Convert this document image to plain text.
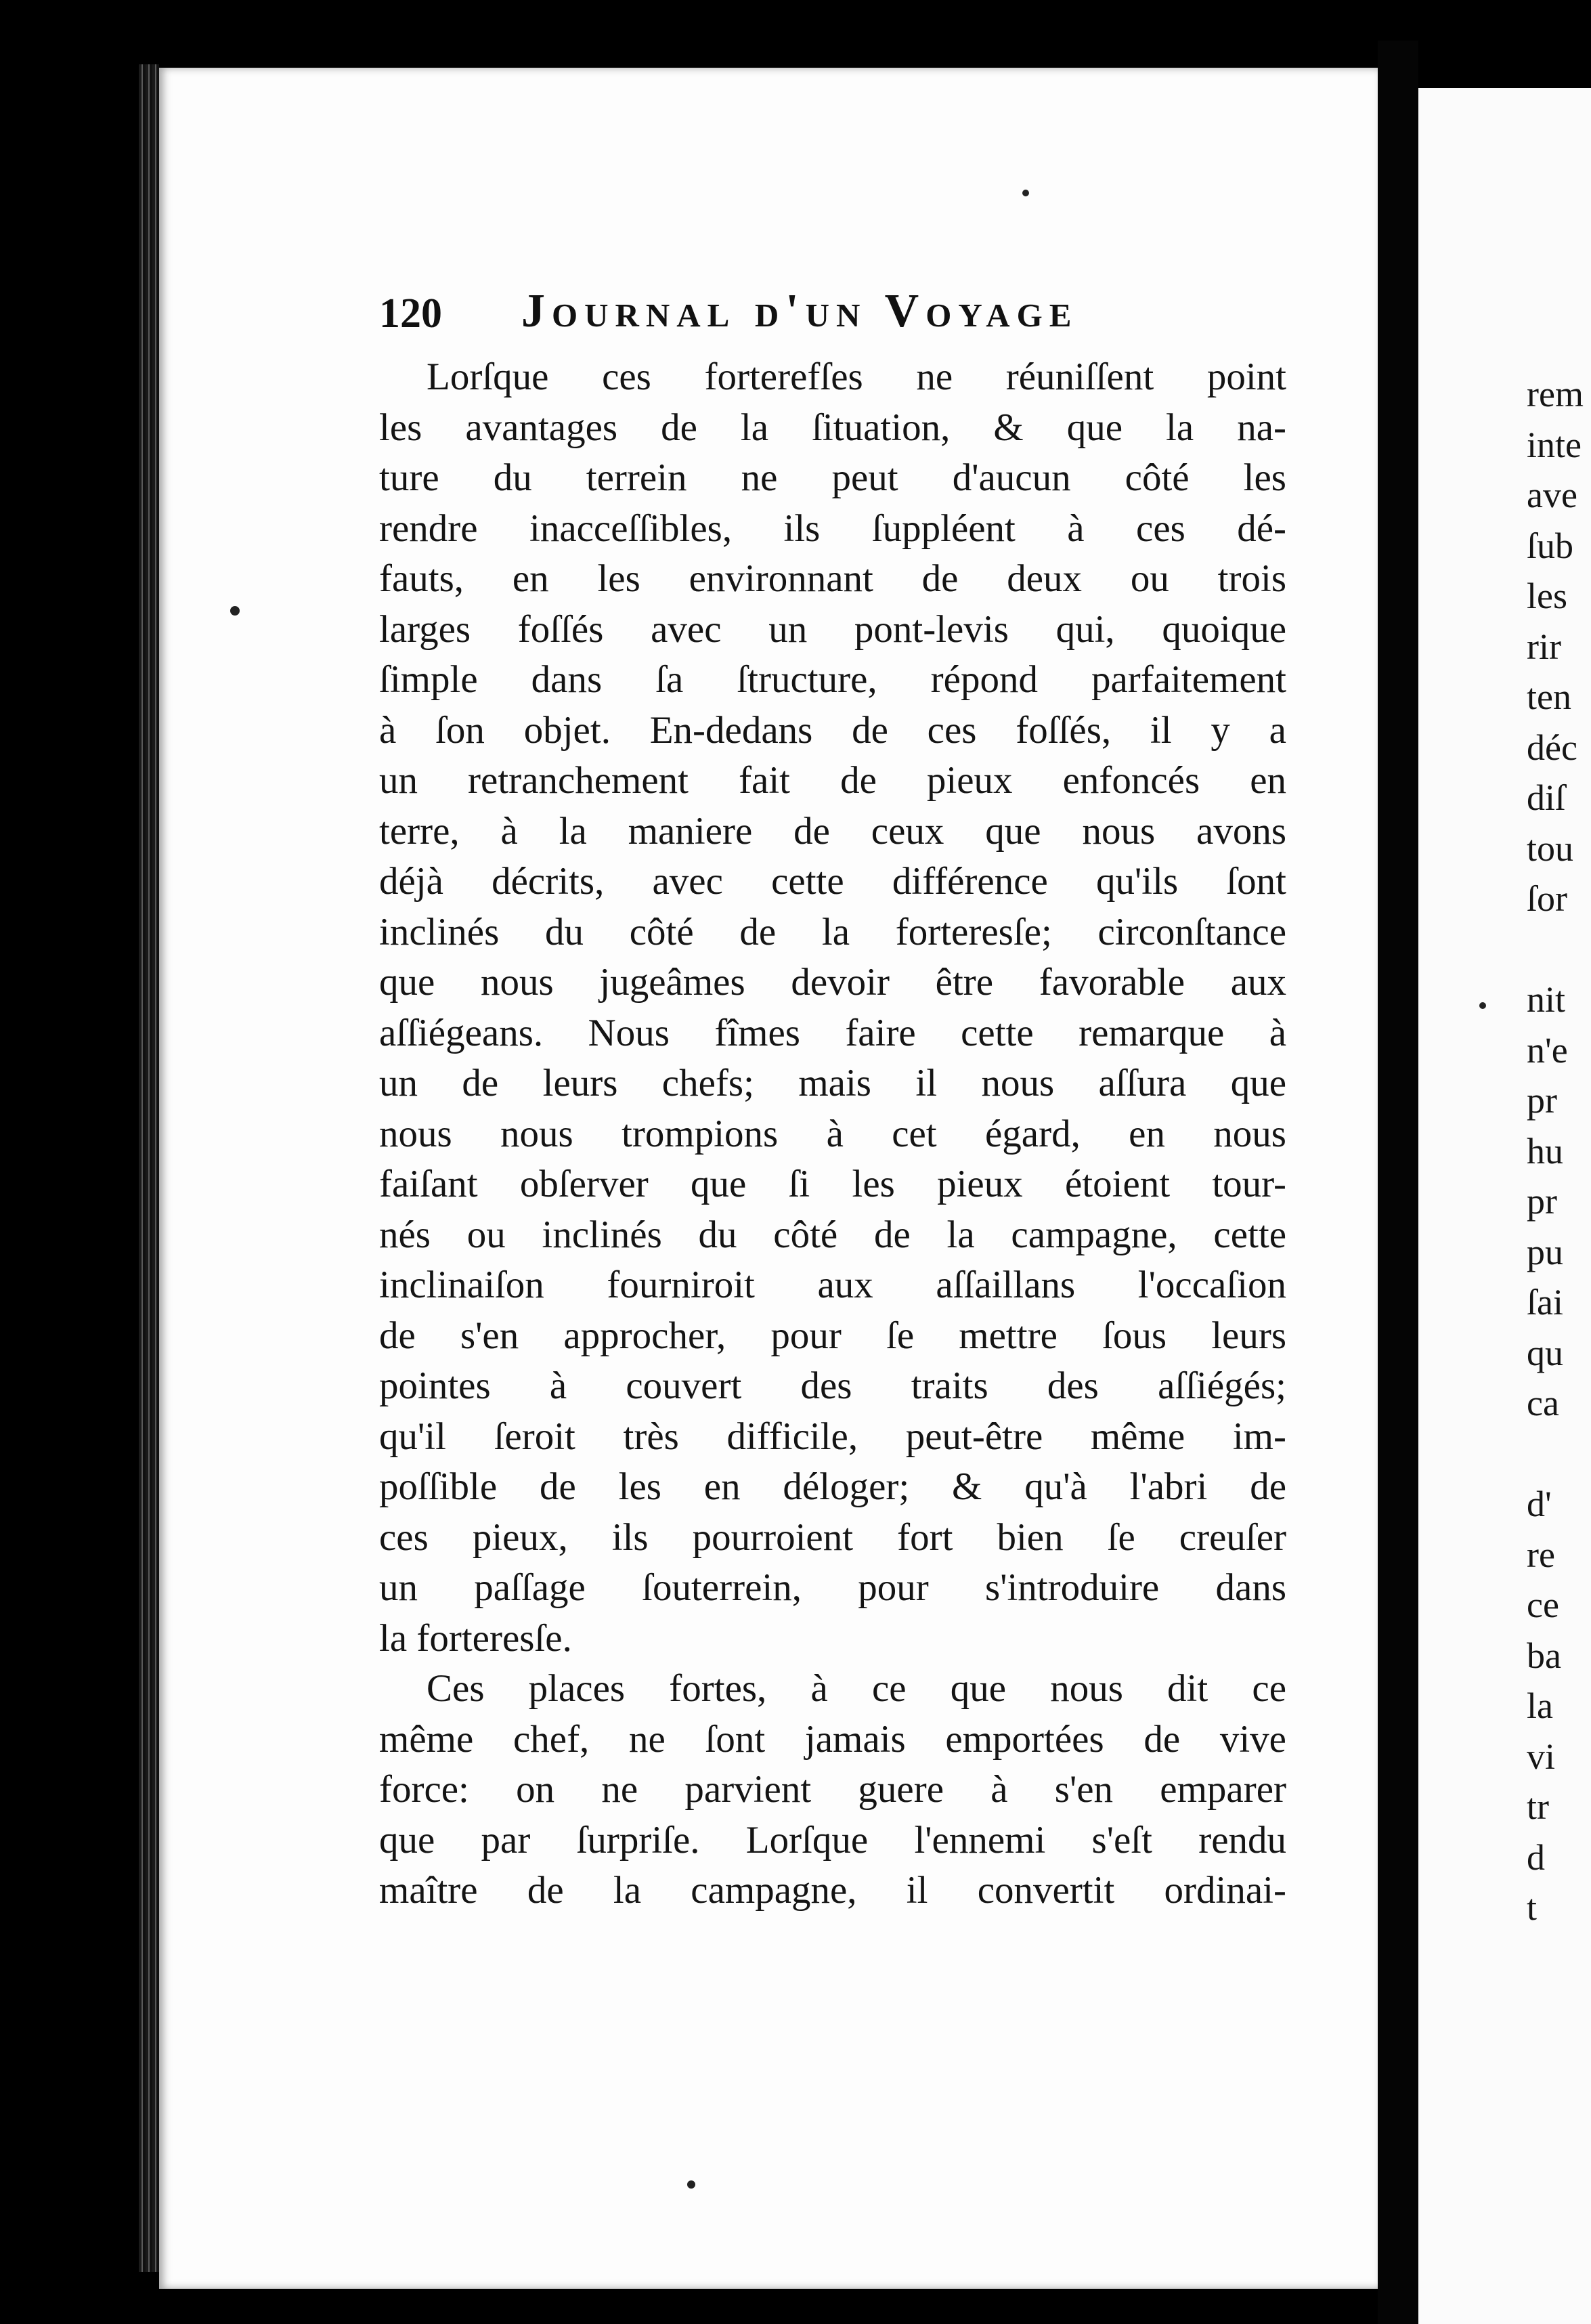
120 Journal d'un Voyage
Lorſque ces forterefſes ne réuniſſent point
les avantages de la ſituation, & que la na-
ture du terrein ne peut d'aucun côté les
rendre inacceſſibles, ils ſuppléent à ces dé-
fauts, en les environnant de deux ou trois
larges foſſés avec un pont-levis qui, quoique
ſimple dans ſa ſtructure, répond parfaitement
à ſon objet. En-dedans de ces foſſés, il y a
un retranchement fait de pieux enfoncés en
terre, à la maniere de ceux que nous avons
déjà décrits, avec cette différence qu'ils ſont
inclinés du côté de la forteresſe; circonſtance
que nous jugeâmes devoir être favorable aux
aſſiégeans. Nous fîmes faire cette remarque à
un de leurs chefs; mais il nous aſſura que
nous nous trompions à cet égard, en nous
faiſant obſerver que ſi les pieux étoient tour-
nés ou inclinés du côté de la campagne, cette
inclinaiſon fourniroit aux aſſaillans l'occaſion
de s'en approcher, pour ſe mettre ſous leurs
pointes à couvert des traits des aſſiégés;
qu'il ſeroit très difficile, peut-être même im-
poſſible de les en déloger; & qu'à l'abri de
ces pieux, ils pourroient fort bien ſe creuſer
un paſſage ſouterrein, pour s'introduire dans
la forteresſe.
Ces places fortes, à ce que nous dit ce
même chef, ne ſont jamais emportées de vive
force: on ne parvient guere à s'en emparer
que par ſurpriſe. Lorſque l'ennemi s'eſt rendu
maître de la campagne, il convertit ordinai-
rem
inte
ave
ſub
les
rir
ten
déc
diſ
tou
ſor
nit
n'e
pr
hu
pr
pu
ſai
qu
ca
d'
re
ce
ba
la
vi
tr
d
t
